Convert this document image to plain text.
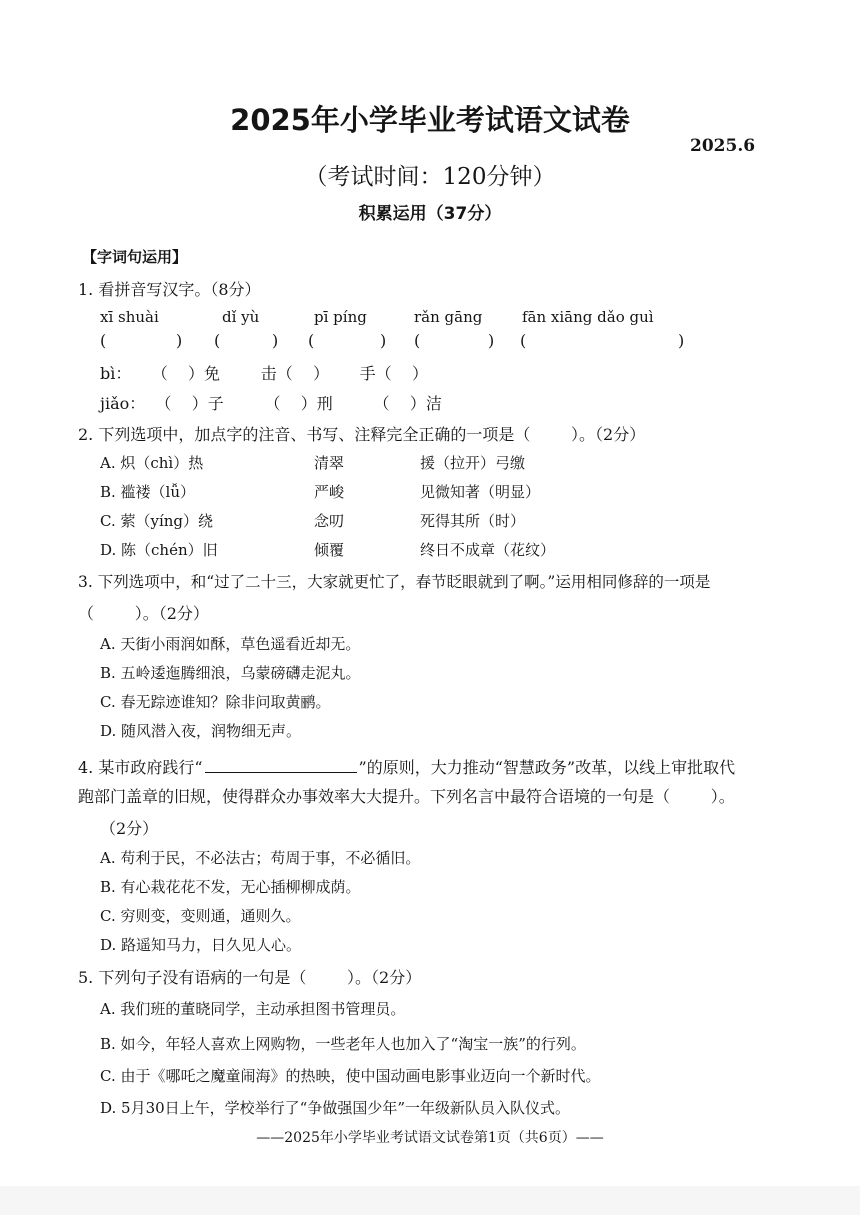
2025年小学毕业考试语文试卷
2025.6
（考试时间：120分钟）
积累运用（37分）
【字词句运用】
1. 看拼音写汉字。（8分）
xī shuài	dǐ yù	pī píng	rǎn gāng	fān xiāng dǎo guì
(	) (	) (	) (	) (	)
bì：    （    ）免        击（    ）      手（    ）
jiǎo：  （    ）子        （    ）刑        （    ）洁
2. 下列选项中，加点字的注音、书写、注释完全正确的一项是（        ）。（2分）
A. 炽（chì）热	清翠	援（拉开）弓缴
B. 褴褛（lǚ）	严峻	见微知著（明显）
C. 萦（yíng）绕	念叨	死得其所（时）
D. 陈（chén）旧	倾覆	终日不成章（花纹）
3. 下列选项中，和“过了二十三，大家就更忙了，春节眨眼就到了啊。”运用相同修辞的一项是
（        ）。（2分）
A. 天街小雨润如酥，草色遥看近却无。
B. 五岭逶迤腾细浪，乌蒙磅礴走泥丸。
C. 春无踪迹谁知？除非问取黄鹂。
D. 随风潜入夜，润物细无声。
4. 某市政府践行“	”的原则，大力推动“智慧政务”改革，以线上审批取代
跑部门盖章的旧规，使得群众办事效率大大提升。下列名言中最符合语境的一句是（        ）。
（2分）
A. 苟利于民，不必法古；苟周于事，不必循旧。
B. 有心栽花花不发，无心插柳柳成荫。
C. 穷则变，变则通，通则久。
D. 路遥知马力，日久见人心。
5. 下列句子没有语病的一句是（        ）。（2分）
A. 我们班的董晓同学，主动承担图书管理员。
B. 如今，年轻人喜欢上网购物，一些老年人也加入了“淘宝一族”的行列。
C. 由于《哪吒之魔童闹海》的热映，使中国动画电影事业迈向一个新时代。
D. 5月30日上午，学校举行了“争做强国少年”一年级新队员入队仪式。
——2025年小学毕业考试语文试卷第1页（共6页）——
